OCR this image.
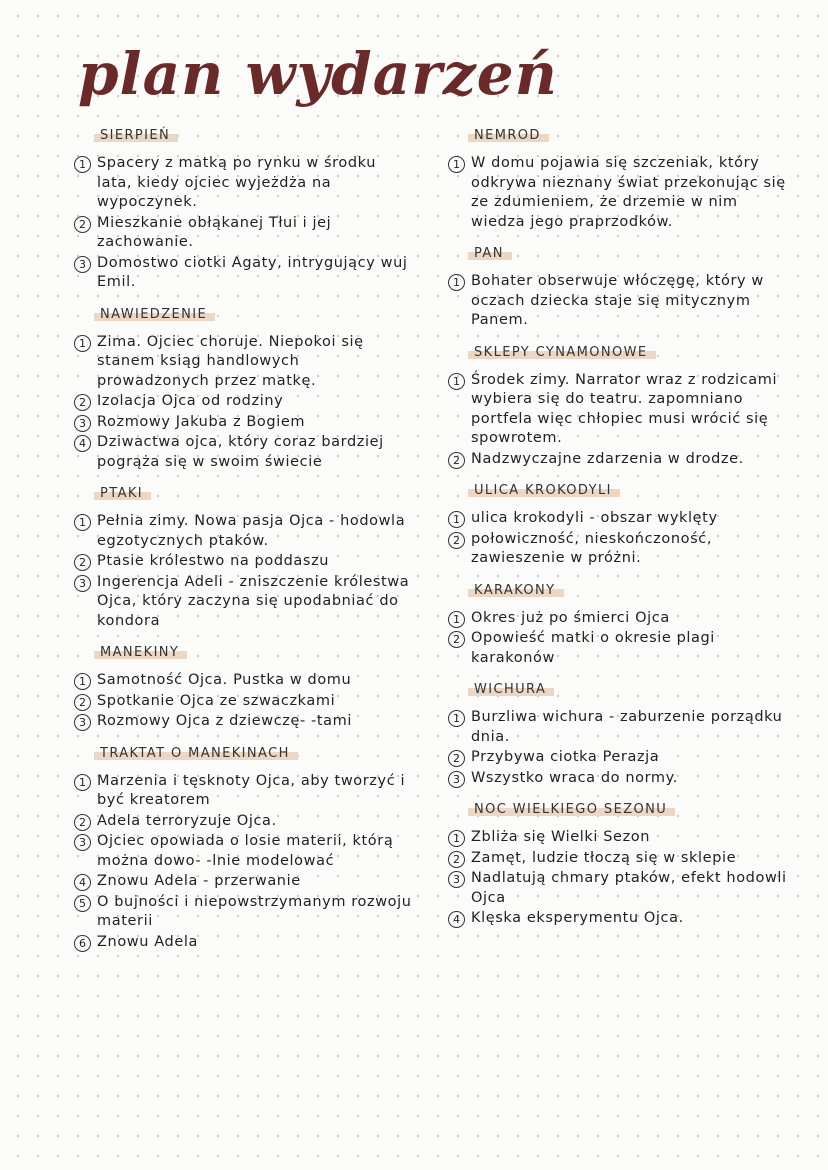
plan wydarzeń
SIERPIEŃ
1 Spacery z matką po rynku w środku lata, kiedy ojciec wyjeżdża na wypoczynek.
2 Mieszkanie obłąkanej Tłui i jej zachowanie.
3 Domostwo ciotki Agaty, intrygujący wuj Emil.
NAWIEDZENIE
1 Zima. Ojciec choruje. Niepokoi się stanem ksiąg handlowych prowadzonych przez matkę.
2 Izolacja Ojca od rodziny
3 Rozmowy Jakuba z Bogiem
4 Dziwactwa ojca, który coraz bardziej pogrąża się w swoim świecie
PTAKI
1 Pełnia zimy. Nowa pasja Ojca - hodowla egzotycznych ptaków.
2 Ptasie królestwo na poddaszu
3 Ingerencja Adeli - zniszczenie królestwa Ojca, który zaczyna się upodabniać do kondora
MANEKINY
1 Samotność Ojca. Pustka w domu
2 Spotkanie Ojca ze szwaczkami
3 Rozmowy Ojca z dziewczę- -tami
TRAKTAT O MANEKINACH
1 Marzenia i tęsknoty Ojca, aby tworzyć i być kreatorem
2 Adela terroryzuje Ojca.
3 Ojciec opowiada o losie materii, którą można dowo- -lnie modelować
4 Znowu Adela - przerwanie
5 O bujności i niepowstrzymanym rozwoju materii
6 Znowu Adela
NEMROD
1 W domu pojawia się szczeniak, który odkrywa nieznany świat przekonując się ze zdumieniem, że drzemie w nim wiedza jego praprzodków.
PAN
1 Bohater obserwuje włóczęgę, który w oczach dziecka staje się mitycznym Panem.
SKLEPY CYNAMONOWE
1 Środek zimy. Narrator wraz z rodzicami wybiera się do teatru. zapomniano portfela więc chłopiec musi wrócić się spowrotem.
2 Nadzwyczajne zdarzenia w drodze.
ULICA KROKODYLI
1 ulica krokodyli - obszar wyklęty
2 połowiczność, nieskończoność, zawieszenie w próżni.
KARAKONY
1 Okres już po śmierci Ojca
2 Opowieść matki o okresie plagi karakonów
WICHURA
1 Burzliwa wichura - zaburzenie porządku dnia.
2 Przybywa ciotka Perazja
3 Wszystko wraca do normy.
NOC WIELKIEGO SEZONU
1 Zbliża się Wielki Sezon
2 Zamęt, ludzie tłoczą się w sklepie
3 Nadlatują chmary ptaków, efekt hodowli Ojca
4 Klęska eksperymentu Ojca.
